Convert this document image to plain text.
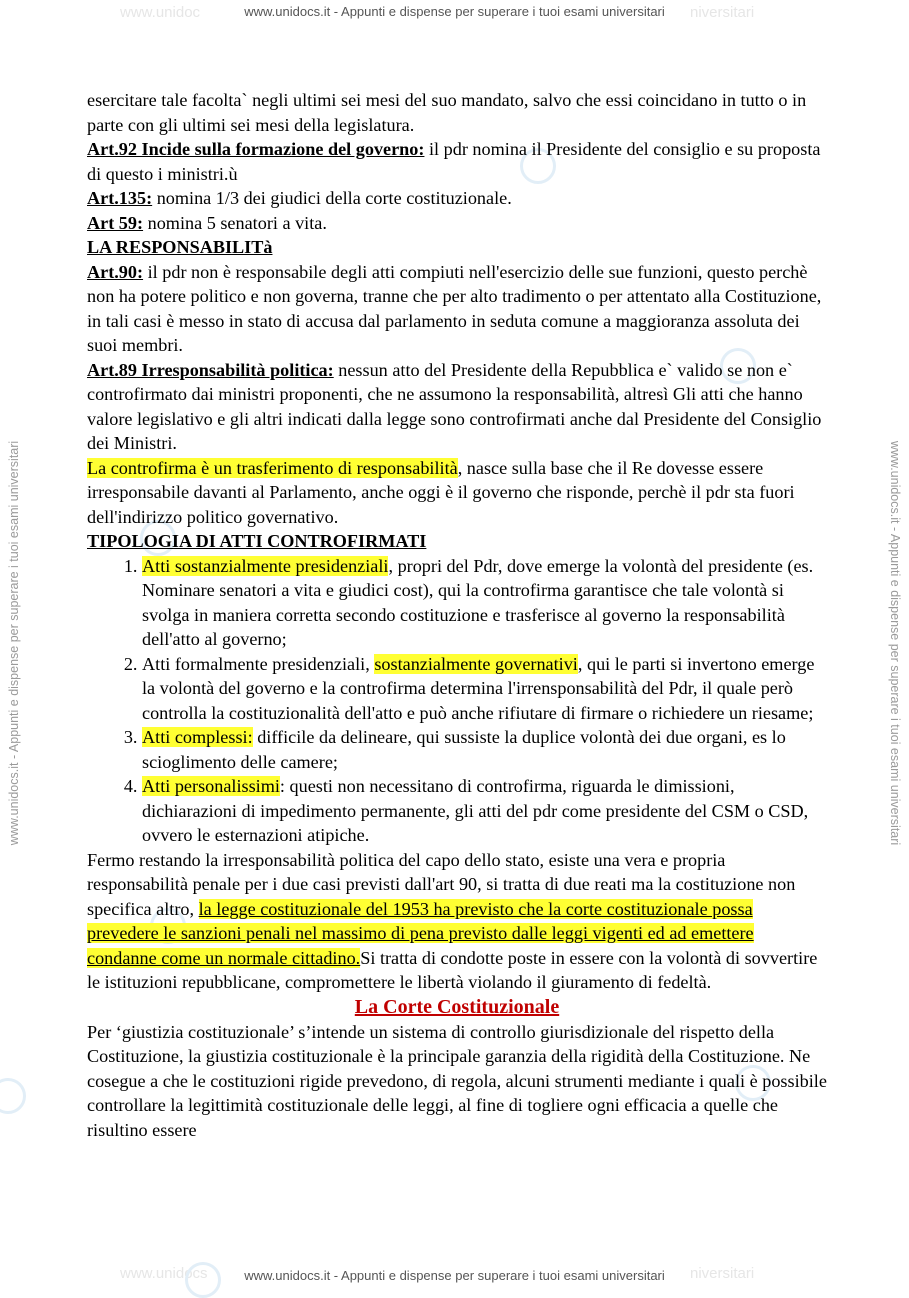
www.unidoc	niversitari
www.unidocs	niversitari
www.unidocs.it - Appunti e dispense per superare i tuoi esami universitari
www.unidocs.it - Appunti e dispense per superare i tuoi esami universitari
www.unidocs.it - Appunti e dispense per superare i tuoi esami universitari	www.unidocs.it - Appunti e dispense per superare i tuoi esami universitari

esercitare tale facolta` negli ultimi sei mesi del suo mandato, salvo che essi coincidano in tutto o in parte con gli ultimi sei mesi della legislatura.

Art.92 Incide sulla formazione del governo: il pdr nomina il Presidente del consiglio e su proposta di questo i ministri.ù

Art.135: nomina 1/3 dei giudici della corte costituzionale.

Art 59: nomina 5 senatori a vita.

LA RESPONSABILITà

Art.90: il pdr non è responsabile degli atti compiuti nell'esercizio delle sue funzioni, questo perchè non ha potere politico e non governa, tranne che per alto tradimento o per attentato alla Costituzione, in tali casi è messo in stato di accusa dal parlamento in seduta comune a maggioranza assoluta dei suoi membri.

Art.89 Irresponsabilità politica: nessun atto del Presidente della Repubblica e` valido se non e` controfirmato dai ministri proponenti, che ne assumono la responsabilità, altresì Gli atti che hanno valore legislativo e gli altri indicati dalla legge sono controfirmati anche dal Presidente del Consiglio dei Ministri.

La controfirma è un trasferimento di responsabilità, nasce sulla base che il Re dovesse essere irresponsabile davanti al Parlamento, anche oggi è il governo che risponde, perchè il pdr sta fuori dell'indirizzo politico governativo.

TIPOLOGIA DI ATTI CONTROFIRMATI

1. Atti sostanzialmente presidenziali, propri del Pdr, dove emerge la volontà del presidente (es. Nominare senatori a vita e giudici cost), qui la controfirma garantisce che tale volontà si svolga in maniera corretta secondo costituzione e trasferisce al governo la responsabilità dell'atto al governo;
2. Atti formalmente presidenziali, sostanzialmente governativi, qui le parti si invertono emerge la volontà del governo e la controfirma determina l'irrensponsabilità del Pdr, il quale però controlla la costituzionalità dell'atto e può anche rifiutare di firmare o richiedere un riesame;
3. Atti complessi: difficile da delineare, qui sussiste la duplice volontà dei due organi, es lo scioglimento delle camere;
4. Atti personalissimi: questi non necessitano di controfirma, riguarda le dimissioni, dichiarazioni di impedimento permanente, gli atti del pdr come presidente del CSM o CSD, ovvero le esternazioni atipiche.

Fermo restando la irresponsabilità politica del capo dello stato, esiste una vera e propria responsabilità penale per i due casi previsti dall'art 90, si tratta di due reati ma la costituzione non specifica altro, la legge costituzionale del 1953 ha previsto che la corte costituzionale possa prevedere le sanzioni penali nel massimo di pena previsto dalle leggi vigenti ed ad emettere condanne come un normale cittadino.Si tratta di condotte poste in essere con la volontà di sovvertire le istituzioni repubblicane, compromettere le libertà violando il giuramento di fedeltà.

La Corte Costituzionale

Per ‘giustizia costituzionale’ s’intende un sistema di controllo giurisdizionale del rispetto della Costituzione, la giustizia costituzionale è la principale garanzia della rigidità della Costituzione. Ne cosegue a che le costituzioni rigide prevedono, di regola, alcuni strumenti mediante i quali è possibile controllare la legittimità costituzionale delle leggi, al fine di togliere ogni efficacia a quelle che risultino essere
